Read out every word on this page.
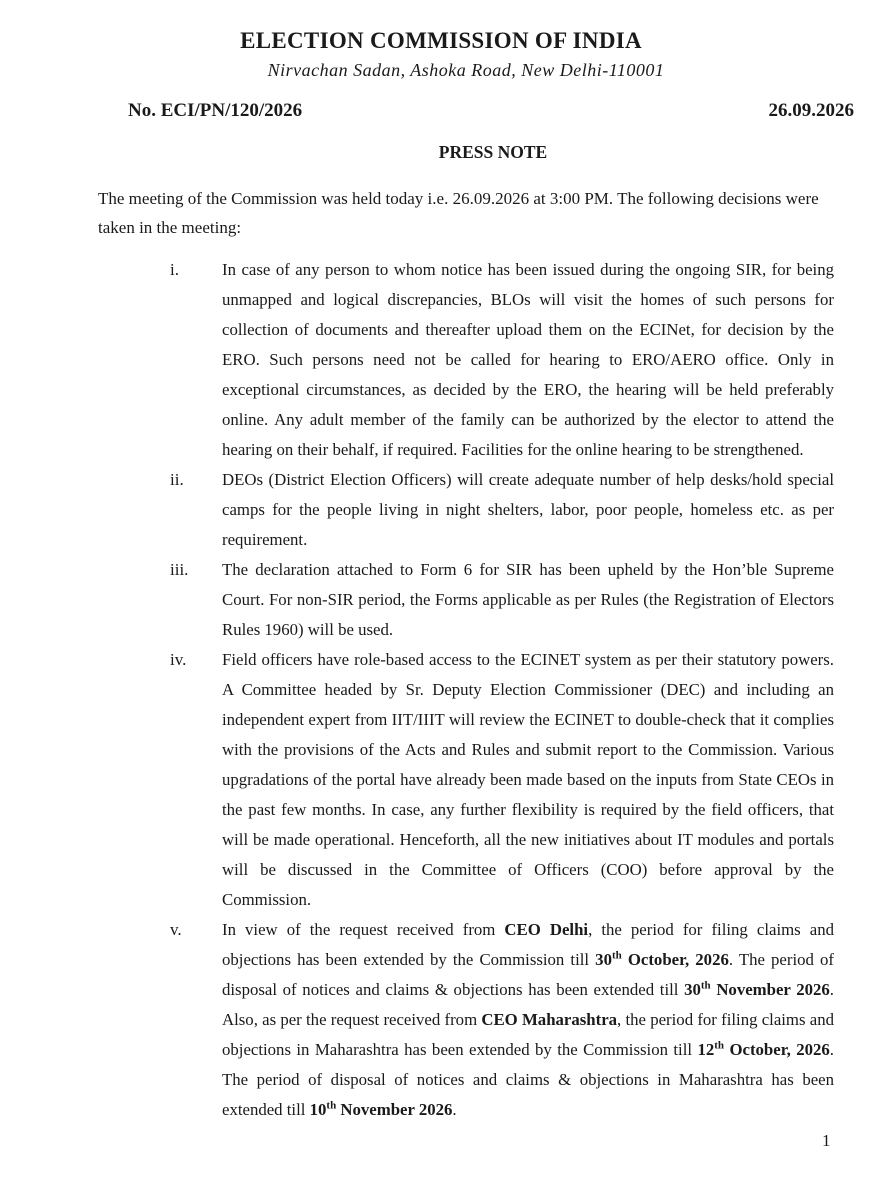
ELECTION COMMISSION OF INDIA
Nirvachan Sadan, Ashoka Road, New Delhi-110001
No. ECI/PN/120/2026	26.09.2026
PRESS NOTE
The meeting of the Commission was held today i.e. 26.09.2026 at 3:00 PM. The following decisions were taken in the meeting:
i.	In case of any person to whom notice has been issued during the ongoing SIR, for being unmapped and logical discrepancies, BLOs will visit the homes of such persons for collection of documents and thereafter upload them on the ECINet, for decision by the ERO. Such persons need not be called for hearing to ERO/AERO office. Only in exceptional circumstances, as decided by the ERO, the hearing will be held preferably online. Any adult member of the family can be authorized by the elector to attend the hearing on their behalf, if required. Facilities for the online hearing to be strengthened.
ii. DEOs (District Election Officers) will create adequate number of help desks/hold special camps for the people living in night shelters, labor, poor people, homeless etc. as per requirement.
iii. The declaration attached to Form 6 for SIR has been upheld by the Hon’ble Supreme Court. For non-SIR period, the Forms applicable as per Rules (the Registration of Electors Rules 1960) will be used.
iv. Field officers have role-based access to the ECINET system as per their statutory powers. A Committee headed by Sr. Deputy Election Commissioner (DEC) and including an independent expert from IIT/IIIT will review the ECINET to double-check that it complies with the provisions of the Acts and Rules and submit report to the Commission. Various upgradations of the portal have already been made based on the inputs from State CEOs in the past few months. In case, any further flexibility is required by the field officers, that will be made operational. Henceforth, all the new initiatives about IT modules and portals will be discussed in the Committee of Officers (COO) before approval by the Commission.
v. In view of the request received from CEO Delhi, the period for filing claims and objections has been extended by the Commission till 30th October, 2026. The period of disposal of notices and claims & objections has been extended till 30th November 2026. Also, as per the request received from CEO Maharashtra, the period for filing claims and objections in Maharashtra has been extended by the Commission till 12th October, 2026. The period of disposal of notices and claims & objections in Maharashtra has been extended till 10th November 2026.
1
